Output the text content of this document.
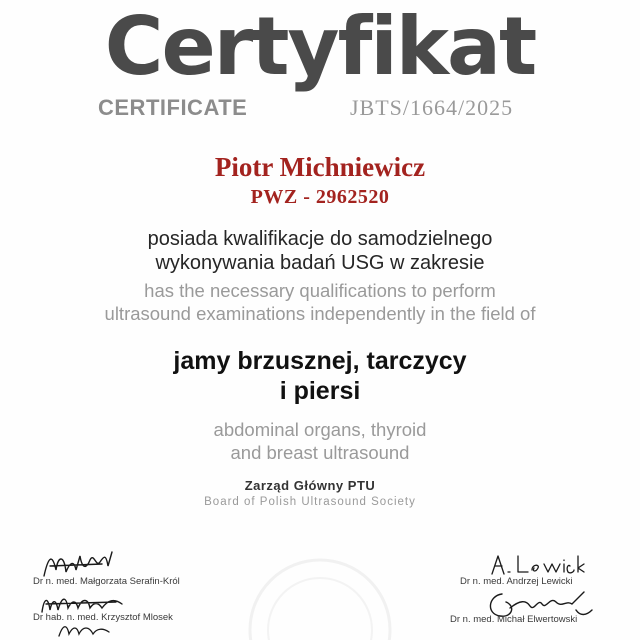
Certyfikat
CERTIFICATE	JBTS/1664/2025
Piotr Michniewicz
PWZ - 2962520
posiada kwalifikacje do samodzielnego
wykonywania badań USG w zakresie
has the necessary qualifications to perform
ultrasound examinations independently in the field of
jamy brzusznej, tarczycy
i piersi
abdominal organs, thyroid
and breast ultrasound
Zarząd Główny PTU
Board of Polish Ultrasound Society
Dr n. med. Małgorzata Serafin-Król
Dr hab. n. med. Krzysztof Mlosek
Dr n. med. Andrzej Lewicki
Dr n. med. Michał Elwertowski
